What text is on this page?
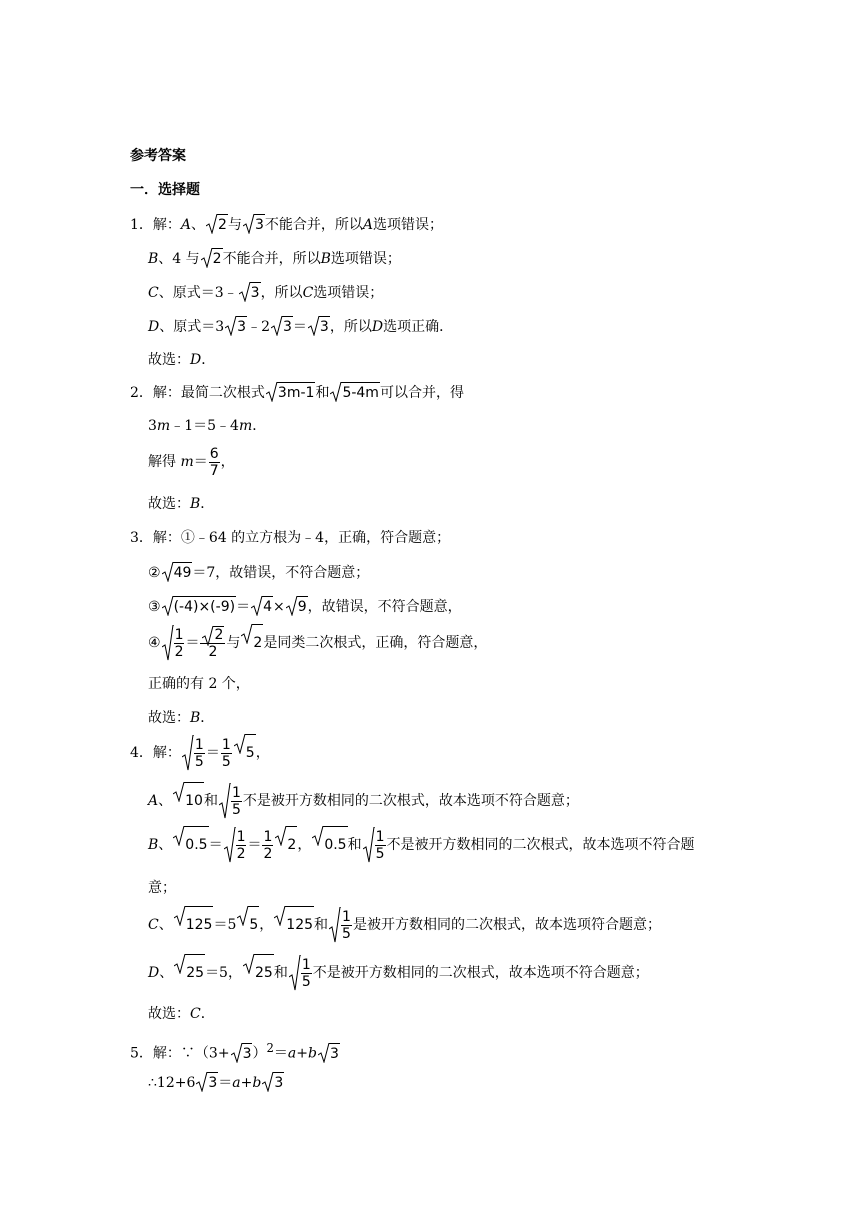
参考答案
一．选择题
1．解：A、 2与 3不能合并，所以A选项错误；
B、4 与 2不能合并，所以B选项错误；
C、原式＝3﹣ 3，所以C选项错误；
D、原式＝3 3﹣2 3＝ 3，所以D选项正确．
故选：D．
2．解：最简二次根式 3m-1和 5-4m可以合并，得
3m﹣1＝5﹣4m．
解得 $m= \frac{6}{7}$ ，
故选：B．
3．解：①﹣64 的立方根为﹣4，正确，符合题意；
② 49＝7，故错误，不符合题意；
③ (-4)×(-9)＝ 4× 9，故错误，不符合题意，
④ $\frac{1}{2} = \frac{2}{2}$ 与 2是同类二次根式，正确，符合题意，
正确的有 2 个，
故选：B．
4．解： $\frac{1}{5} = \frac{1}{5} 5$，
A、 10和 $\frac{1}{5}$ 不是被开方数相同的二次根式，故本选项不符合题意；
B、 $0.5= \frac{1}{2} = \frac{1}{2} 2$， 0.5和 $\frac{1}{5}$ 不是被开方数相同的二次根式，故本选项不符合题
意；
C、 125＝5 5， 125和 $\frac{1}{5}$ 是被开方数相同的二次根式，故本选项符合题意；
D、 25＝5， 25和 $\frac{1}{5}$ 不是被开方数相同的二次根式，故本选项不符合题意；
故选：C．
5．解：∵（3+ 3）$^2$＝a+b 3
∴12+6 3＝a+b 3
